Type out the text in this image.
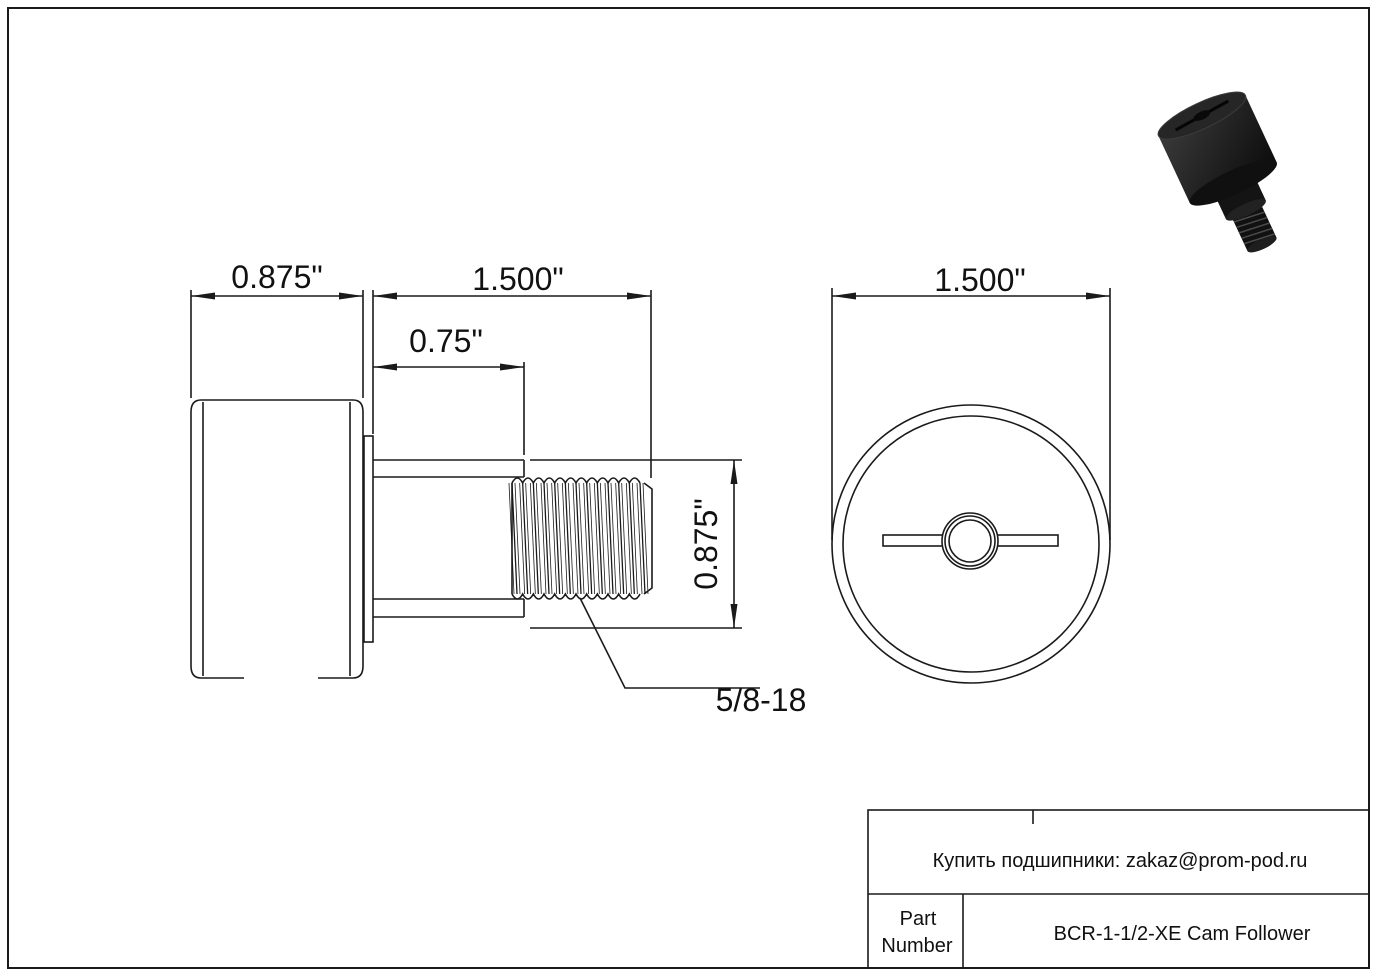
0.875"	1.500"
0.75"
0.875"
5/8-18
1.500"
Купить подшипники: zakaz@prom-pod.ru
Part
Number
BCR-1-1/2-XE Cam Follower
